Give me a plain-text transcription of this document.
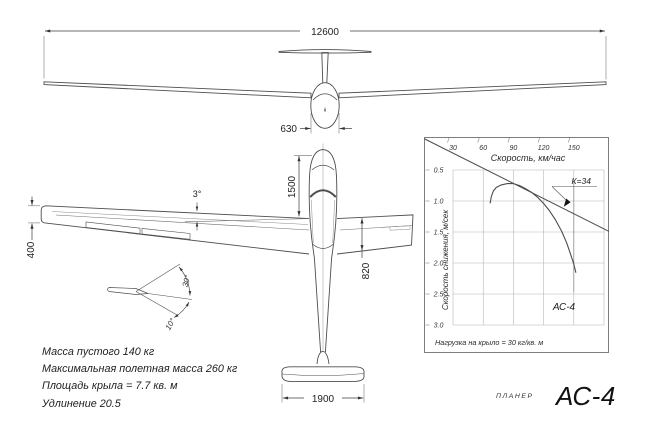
12600
630
1500
820
400
3°
1900
30°
10°
30	60	90	120	150
Скорость, км/час
0.5
1.0
1.5
2.0
2.5
3.0
Скорость снижения, м/сек
К=34
АС-4
Нагрузка на крыло = 30 кг/кв. м
Масса пустого 140 кг
Максимальная полетная масса 260 кг
Площадь крыла = 7.7 кв. м
Удлинение 20.5
ПЛАНЕР АС-4
